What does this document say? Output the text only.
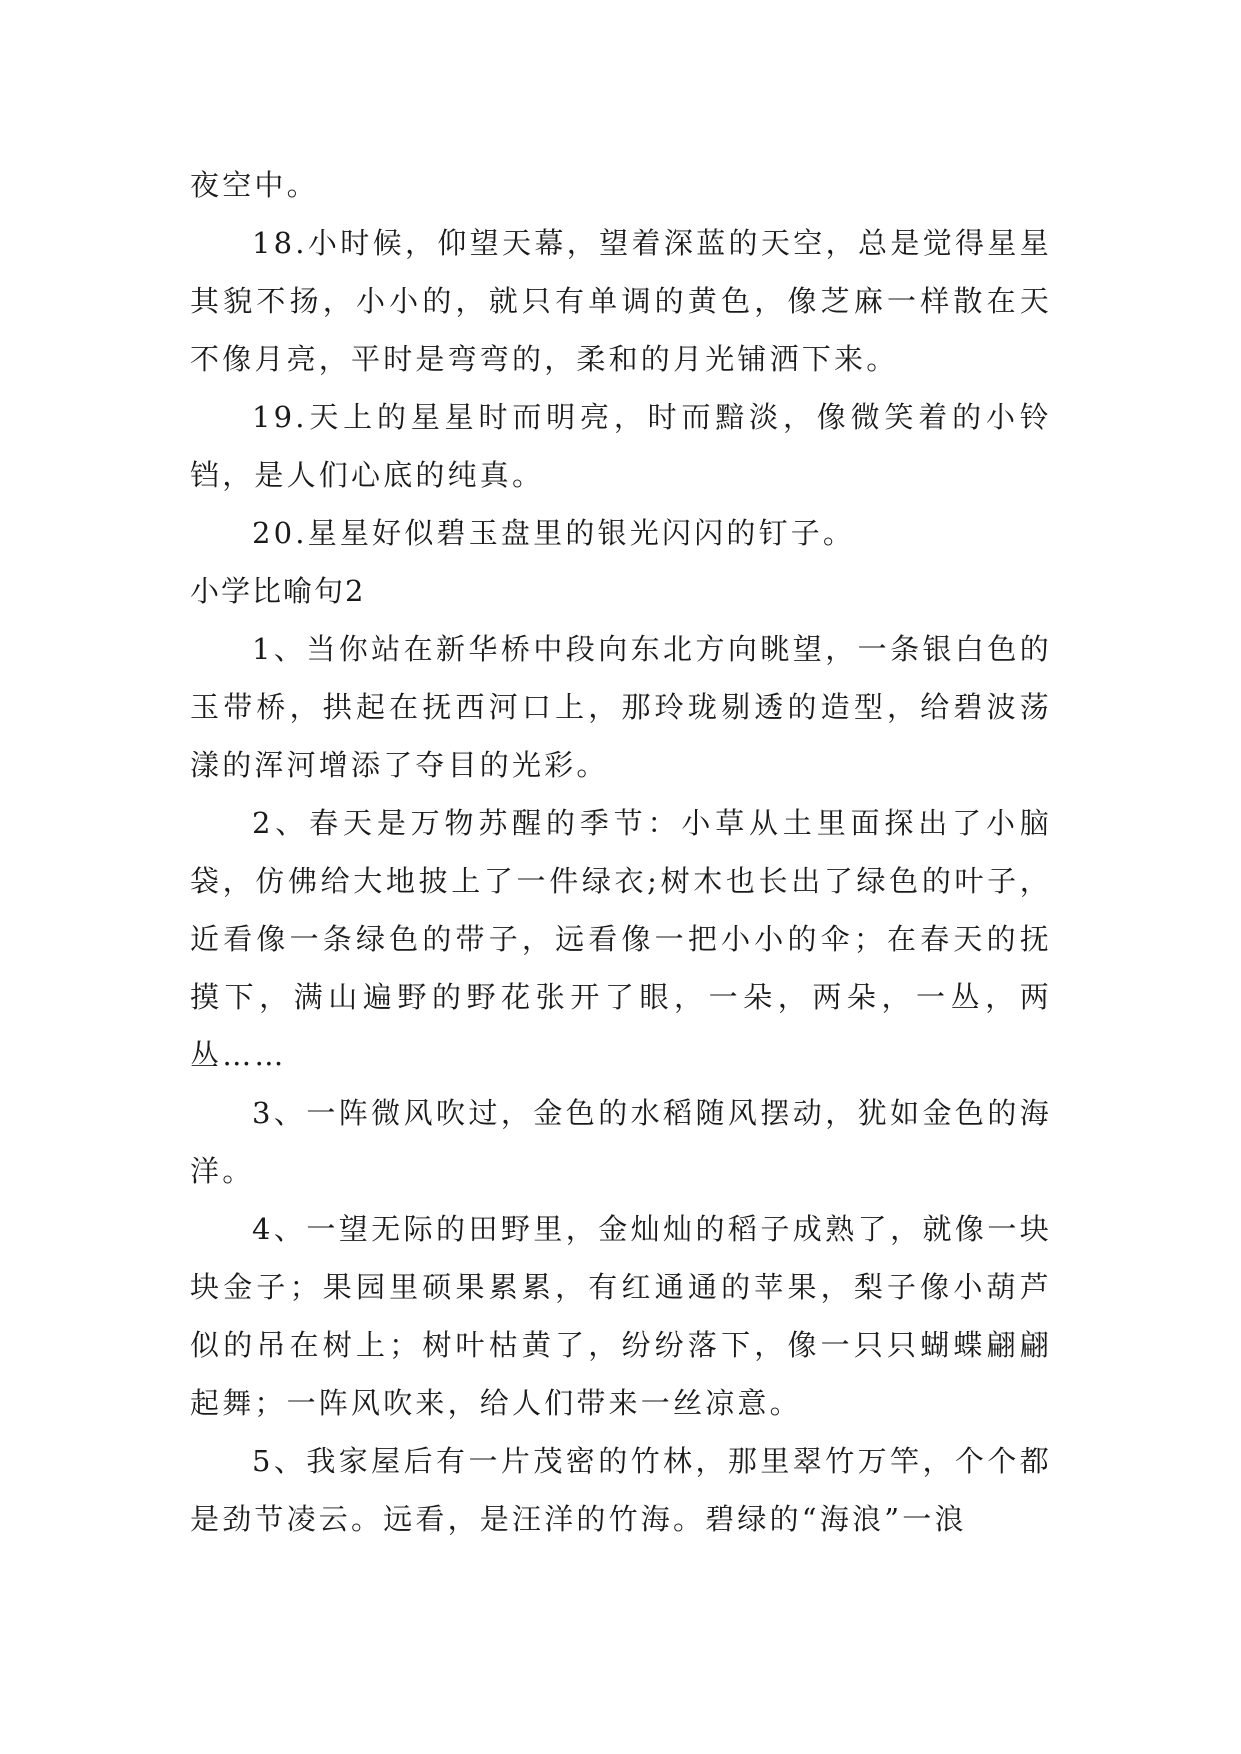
夜空中。

18.小时候，仰望天幕，望着深蓝的天空，总是觉得星星其貌不扬，小小的，就只有单调的黄色，像芝麻一样散在天不像月亮，平时是弯弯的，柔和的月光铺洒下来。

19.天上的星星时而明亮，时而黯淡，像微笑着的小铃铛，是人们心底的纯真。

20.星星好似碧玉盘里的银光闪闪的钉子。

小学比喻句2

1、当你站在新华桥中段向东北方向眺望，一条银白色的玉带桥，拱起在抚西河口上，那玲珑剔透的造型，给碧波荡漾的浑河增添了夺目的光彩。

2、春天是万物苏醒的季节：小草从土里面探出了小脑袋，仿佛给大地披上了一件绿衣;树木也长出了绿色的叶子，近看像一条绿色的带子，远看像一把小小的伞；在春天的抚摸下，满山遍野的野花张开了眼，一朵，两朵，一丛，两丛……

3、一阵微风吹过，金色的水稻随风摆动，犹如金色的海洋。

4、一望无际的田野里，金灿灿的稻子成熟了，就像一块块金子；果园里硕果累累，有红通通的苹果，梨子像小葫芦似的吊在树上；树叶枯黄了，纷纷落下，像一只只蝴蝶翩翩起舞；一阵风吹来，给人们带来一丝凉意。

5、我家屋后有一片茂密的竹林，那里翠竹万竿，个个都是劲节凌云。远看，是汪洋的竹海。碧绿的“海浪”一浪
